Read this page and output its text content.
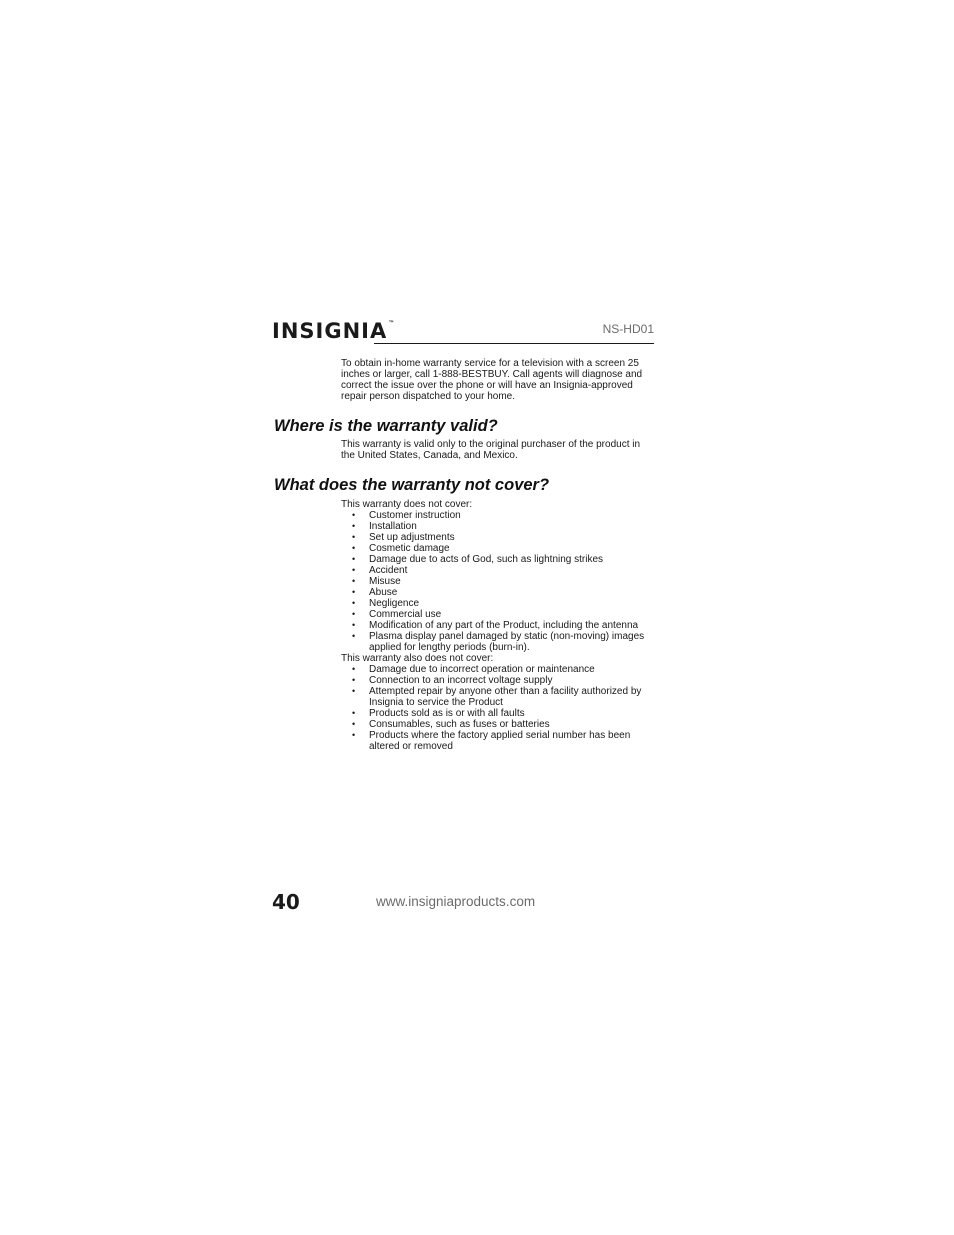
INSIGNIA™	NS-HD01

To obtain in-home warranty service for a television with a screen 25 inches or larger, call 1-888-BESTBUY. Call agents will diagnose and correct the issue over the phone or will have an Insignia-approved repair person dispatched to your home.

Where is the warranty valid?

This warranty is valid only to the original purchaser of the product in the United States, Canada, and Mexico.

What does the warranty not cover?

This warranty does not cover:

• Customer instruction
• Installation
• Set up adjustments
• Cosmetic damage
• Damage due to acts of God, such as lightning strikes
• Accident
• Misuse
• Abuse
• Negligence
• Commercial use
• Modification of any part of the Product, including the antenna
• Plasma display panel damaged by static (non-moving) images applied for lengthy periods (burn-in).

This warranty also does not cover:

• Damage due to incorrect operation or maintenance
• Connection to an incorrect voltage supply
• Attempted repair by anyone other than a facility authorized by Insignia to service the Product
• Products sold as is or with all faults
• Consumables, such as fuses or batteries
• Products where the factory applied serial number has been altered or removed
40	www.insigniaproducts.com
